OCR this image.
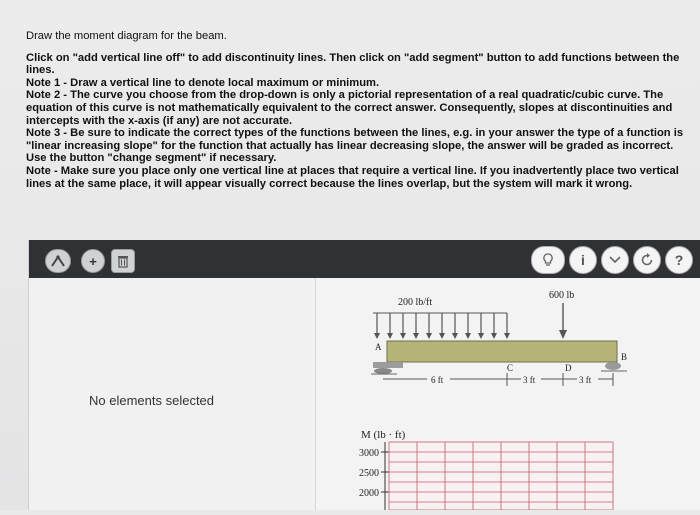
Draw the moment diagram for the beam.
Click on "add vertical line off" to add discontinuity lines. Then click on "add segment" button to add functions between the lines.
Note 1 - Draw a vertical line to denote local maximum or minimum.
Note 2 - The curve you choose from the drop-down is only a pictorial representation of a real quadratic/cubic curve. The equation of this curve is not mathematically equivalent to the correct answer. Consequently, slopes at discontinuities and intercepts with the x-axis (if any) are not accurate.
Note 3 - Be sure to indicate the correct types of the functions between the lines, e.g. in your answer the type of a function is "linear increasing slope" for the function that actually has linear decreasing slope, the answer will be graded as incorrect. Use the button "change segment" if necessary.
Note - Make sure you place only one vertical line at places that require a vertical line. If you inadvertently place two vertical lines at the same place, it will appear visually correct because the lines overlap, but the system will mark it wrong.
+	i	?
No elements selected
200 lb/ft
600 lb
A
B
C	D
6 ft	3 ft	3 ft
M (lb · ft)
3000
2500
2000
